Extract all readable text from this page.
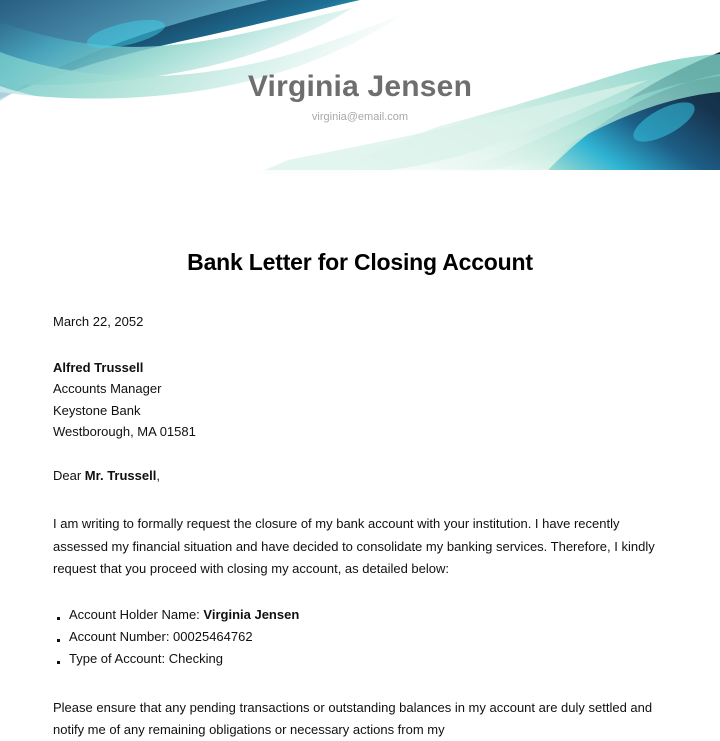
Virginia Jensen
virginia@email.com
Bank Letter for Closing Account
March 22, 2052
Alfred Trussell
Accounts Manager
Keystone Bank
Westborough, MA 01581
Dear Mr. Trussell,

I am writing to formally request the closure of my bank account with your institution. I have recently assessed my financial situation and have decided to consolidate my banking services. Therefore, I kindly request that you proceed with closing my account, as detailed below:

Account Holder Name: Virginia Jensen
Account Number: 00025464762
Type of Account: Checking

Please ensure that any pending transactions or outstanding balances in my account are duly settled and notify me of any remaining obligations or necessary actions from my
